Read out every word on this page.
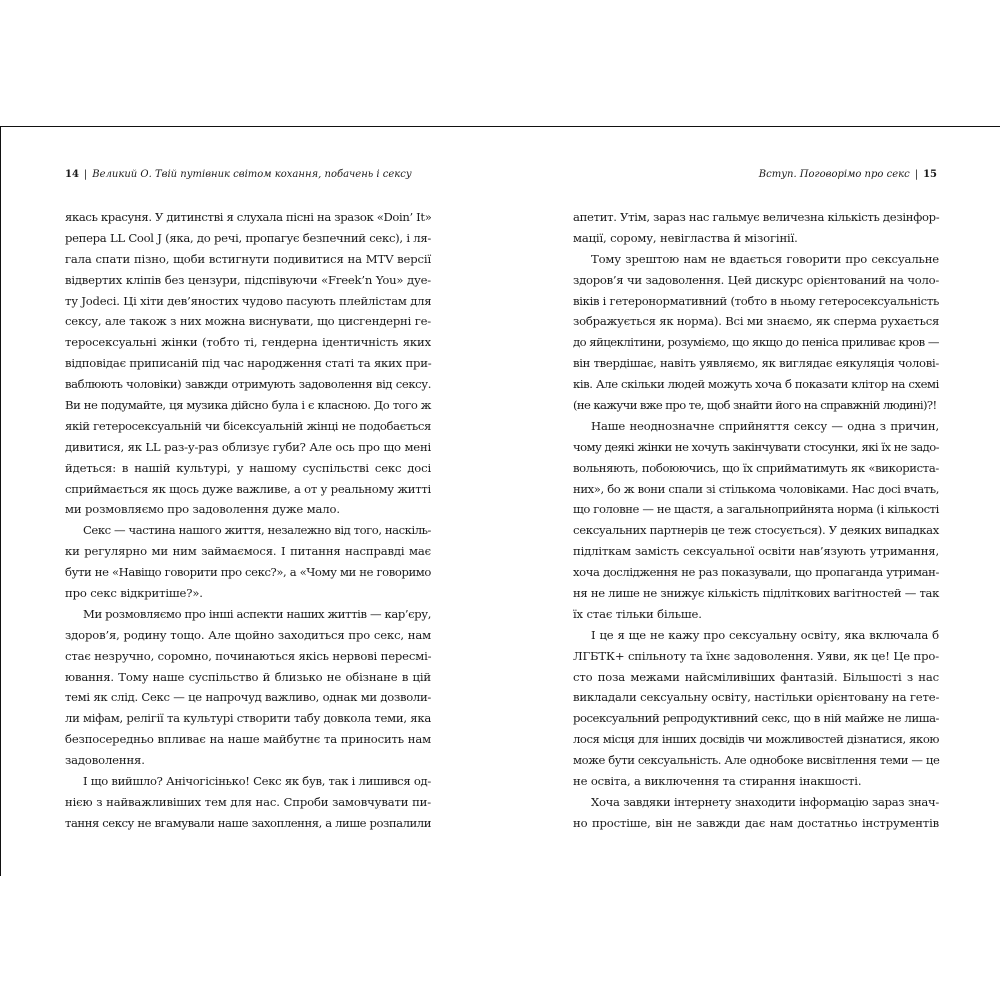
14 | Великий О. Твій путівник світом кохання, побачень і сексу
якась красуня. У дитинстві я слухала пісні на зразок «Doin’ It»
репера LL Cool J (яка, до речі, пропагує безпечний секс), і ля-
гала спати пізно, щоби встигнути подивитися на MTV версії
відвертих кліпів без цензури, підспівуючи «Freek’n You» дуе-
ту Jodeci. Ці хіти дев’яностих чудово пасують плейлістам для
сексу, але також з них можна виснувати, що цисгендерні ге-
теросексуальні жінки (тобто ті, гендерна ідентичність яких
відповідає приписаній під час народження статі та яких при-
ваблюють чоловіки) завжди отримують задоволення від сексу.
Ви не подумайте, ця музика дійсно була і є класною. До того ж
якій гетеросексуальній чи бісексуальній жінці не подобається
дивитися, як LL раз-у-раз облизує губи? Але ось про що мені
йдеться: в нашій культурі, у нашому суспільстві секс досі
сприймається як щось дуже важливе, а от у реальному житті
ми розмовляємо про задоволення дуже мало.
Секс — частина нашого життя, незалежно від того, наскіль-
ки регулярно ми ним займаємося. І питання насправді має
бути не «Навіщо говорити про секс?», а «Чому ми не говоримо
про секс відкритіше?».
Ми розмовляємо про інші аспекти наших життів — кар’єру,
здоров’я, родину тощо. Але щойно заходиться про секс, нам
стає незручно, соромно, починаються якісь нервові пересмі-
ювання. Тому наше суспільство й близько не обізнане в цій
темі як слід. Секс — це напрочуд важливо, однак ми дозволи-
ли міфам, релігії та культурі створити табу довкола теми, яка
безпосередньо впливає на наше майбутнє та приносить нам
задоволення.
І що вийшло? Анічогісінько! Секс як був, так і лишився од-
нією з найважливіших тем для нас. Спроби замовчувати пи-
тання сексу не вгамували наше захоплення, а лише розпалили
Вступ. Поговорімо про секс | 15
апетит. Утім, зараз нас гальмує величезна кількість дезінфор-
мації, сорому, невігластва й мізогінії.
Тому зрештою нам не вдається говорити про сексуальне
здоров’я чи задоволення. Цей дискурс орієнтований на чоло-
віків і гетеронормативний (тобто в ньому гетеросексуальність
зображується як норма). Всі ми знаємо, як сперма рухається
до яйцеклітини, розуміємо, що якщо до пеніса приливає кров —
він твердішає, навіть уявляємо, як виглядає еякуляція чолові-
ків. Але скільки людей можуть хоча б показати клітор на схемі
(не кажучи вже про те, щоб знайти його на справжній людині)?!
Наше неоднозначне сприйняття сексу — одна з причин,
чому деякі жінки не хочуть закінчувати стосунки, які їх не задо-
вольняють, побоюючись, що їх сприйматимуть як «використа-
них», бо ж вони спали зі стількома чоловіками. Нас досі вчать,
що головне — не щастя, а загальноприйнята норма (і кількості
сексуальних партнерів це теж стосується). У деяких випадках
підліткам замість сексуальної освіти нав’язують утримання,
хоча дослідження не раз показували, що пропаганда утриман-
ня не лише не знижує кількість підліткових вагітностей — так
їх стає тільки більше.
І це я ще не кажу про сексуальну освіту, яка включала б
ЛГБТК+ спільноту та їхнє задоволення. Уяви, як це! Це про-
сто поза межами найсміливіших фантазій. Більшості з нас
викладали сексуальну освіту, настільки орієнтовану на гете-
росексуальний репродуктивний секс, що в ній майже не лиша-
лося місця для інших досвідів чи можливостей дізнатися, якою
може бути сексуальність. Але однобоке висвітлення теми — це
не освіта, а виключення та стирання інакшості.
Хоча завдяки інтернету знаходити інформацію зараз знач-
но простіше, він не завжди дає нам достатньо інструментів
